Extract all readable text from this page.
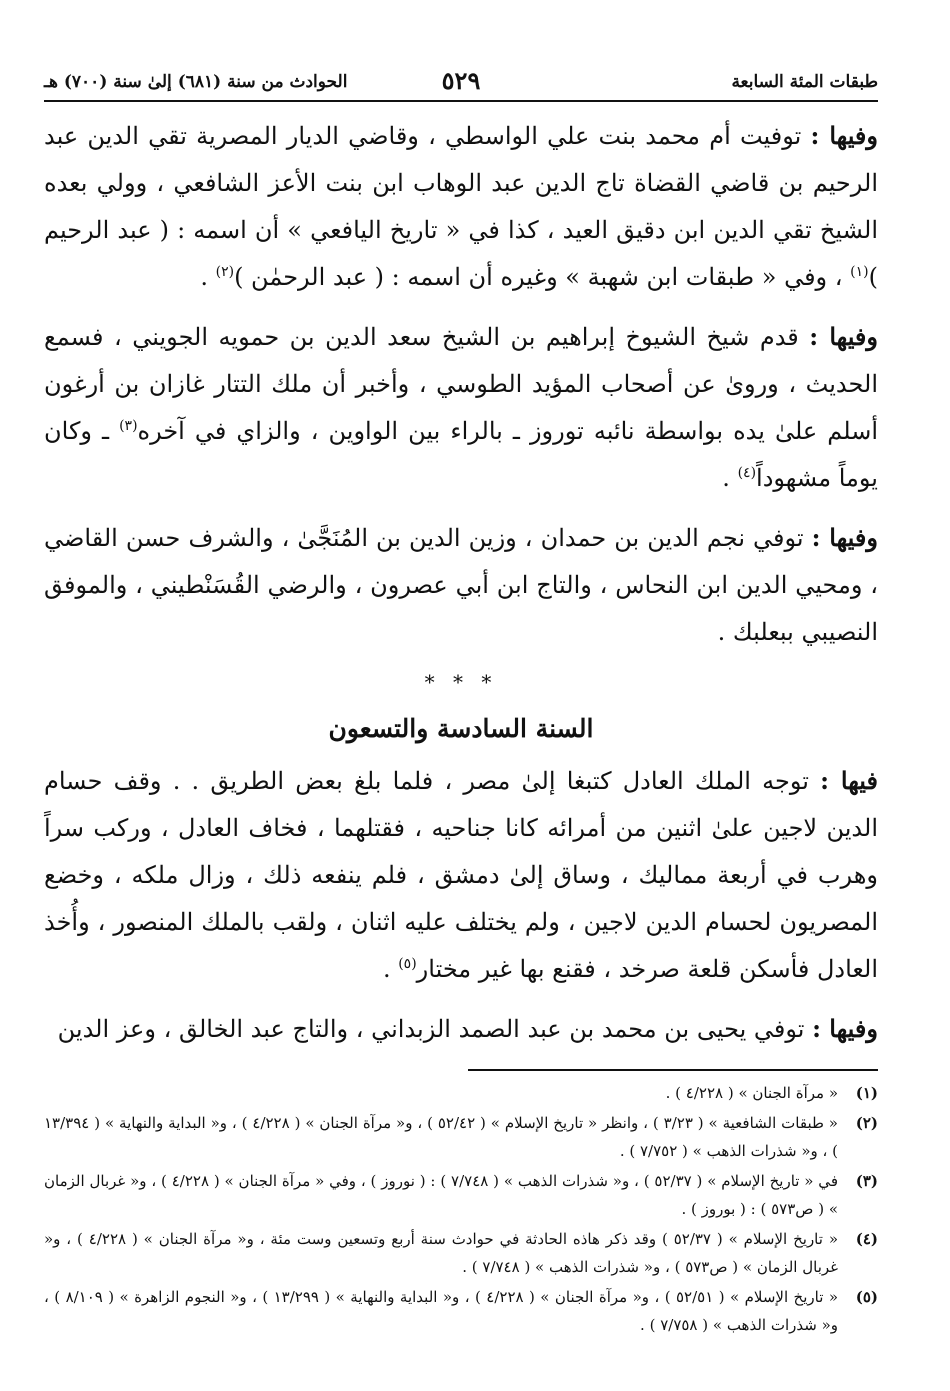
طبقات المئة السابعة
٥٢٩
الحوادث من سنة (٦٨١) إلىٰ سنة (٧٠٠) هـ

وفيها : توفيت أم محمد بنت علي الواسطي ، وقاضي الديار المصرية تقي الدين عبد الرحيم بن قاضي القضاة تاج الدين عبد الوهاب ابن بنت الأعز الشافعي ، وولي بعده الشيخ تقي الدين ابن دقيق العيد ، كذا في « تاريخ اليافعي » أن اسمه : ( عبد الرحيم )$^{(١)}$ ، وفي « طبقات ابن شهبة » وغيره أن اسمه : ( عبد الرحمٰن )$^{(٢)}$ .

وفيها : قدم شيخ الشيوخ إبراهيم بن الشيخ سعد الدين بن حمويه الجويني ، فسمع الحديث ، وروىٰ عن أصحاب المؤيد الطوسي ، وأخبر أن ملك التتار غازان بن أرغون أسلم علىٰ يده بواسطة نائبه توروز ـ بالراء بين الواوين ، والزاي في آخره$^{(٣)}$ ـ وكان يوماً مشهوداً$^{(٤)}$ .

وفيها : توفي نجم الدين بن حمدان ، وزين الدين بن المُنَجَّىٰ ، والشرف حسن القاضي ، ومحيي الدين ابن النحاس ، والتاج ابن أبي عصرون ، والرضي القُسَنْطيني ، والموفق النصيبي ببعلبك .

* * *
السنة السادسة والتسعون

فيها : توجه الملك العادل كتبغا إلىٰ مصر ، فلما بلغ بعض الطريق . . وقف حسام الدين لاجين علىٰ اثنين من أمرائه كانا جناحيه ، فقتلهما ، فخاف العادل ، وركب سراً وهرب في أربعة مماليك ، وساق إلىٰ دمشق ، فلم ينفعه ذلك ، وزال ملكه ، وخضع المصريون لحسام الدين لاجين ، ولم يختلف عليه اثنان ، ولقب بالملك المنصور ، وأُخذ العادل فأسكن قلعة صرخد ، فقنع بها غير مختار$^{(٥)}$ .

وفيها : توفي يحيى بن محمد بن عبد الصمد الزبداني ، والتاج عبد الخالق ، وعز الدين

(١)
« مرآة الجنان » ( ٤/٢٢٨ ) .
(٢)
« طبقات الشافعية » ( ٣/٢٣ ) ، وانظر « تاريخ الإسلام » ( ٥٢/٤٢ ) ، و« مرآة الجنان » ( ٤/٢٢٨ ) ، و« البداية والنهاية » ( ١٣/٣٩٤ ) ، و« شذرات الذهب » ( ٧/٧٥٢ ) .
(٣)
في « تاريخ الإسلام » ( ٥٢/٣٧ ) ، و« شذرات الذهب » ( ٧/٧٤٨ ) : ( نوروز ) ، وفي « مرآة الجنان » ( ٤/٢٢٨ ) ، و« غربال الزمان » ( ص٥٧٣ ) : ( بوروز ) .
(٤)
« تاريخ الإسلام » ( ٥٢/٣٧ ) وقد ذكر هاذه الحادثة في حوادث سنة أربع وتسعين وست مئة ، و« مرآة الجنان » ( ٤/٢٢٨ ) ، و« غربال الزمان » ( ص٥٧٣ ) ، و« شذرات الذهب » ( ٧/٧٤٨ ) .
(٥)
« تاريخ الإسلام » ( ٥٢/٥١ ) ، و« مرآة الجنان » ( ٤/٢٢٨ ) ، و« البداية والنهاية » ( ١٣/٢٩٩ ) ، و« النجوم الزاهرة » ( ٨/١٠٩ ) ، و« شذرات الذهب » ( ٧/٧٥٨ ) .
